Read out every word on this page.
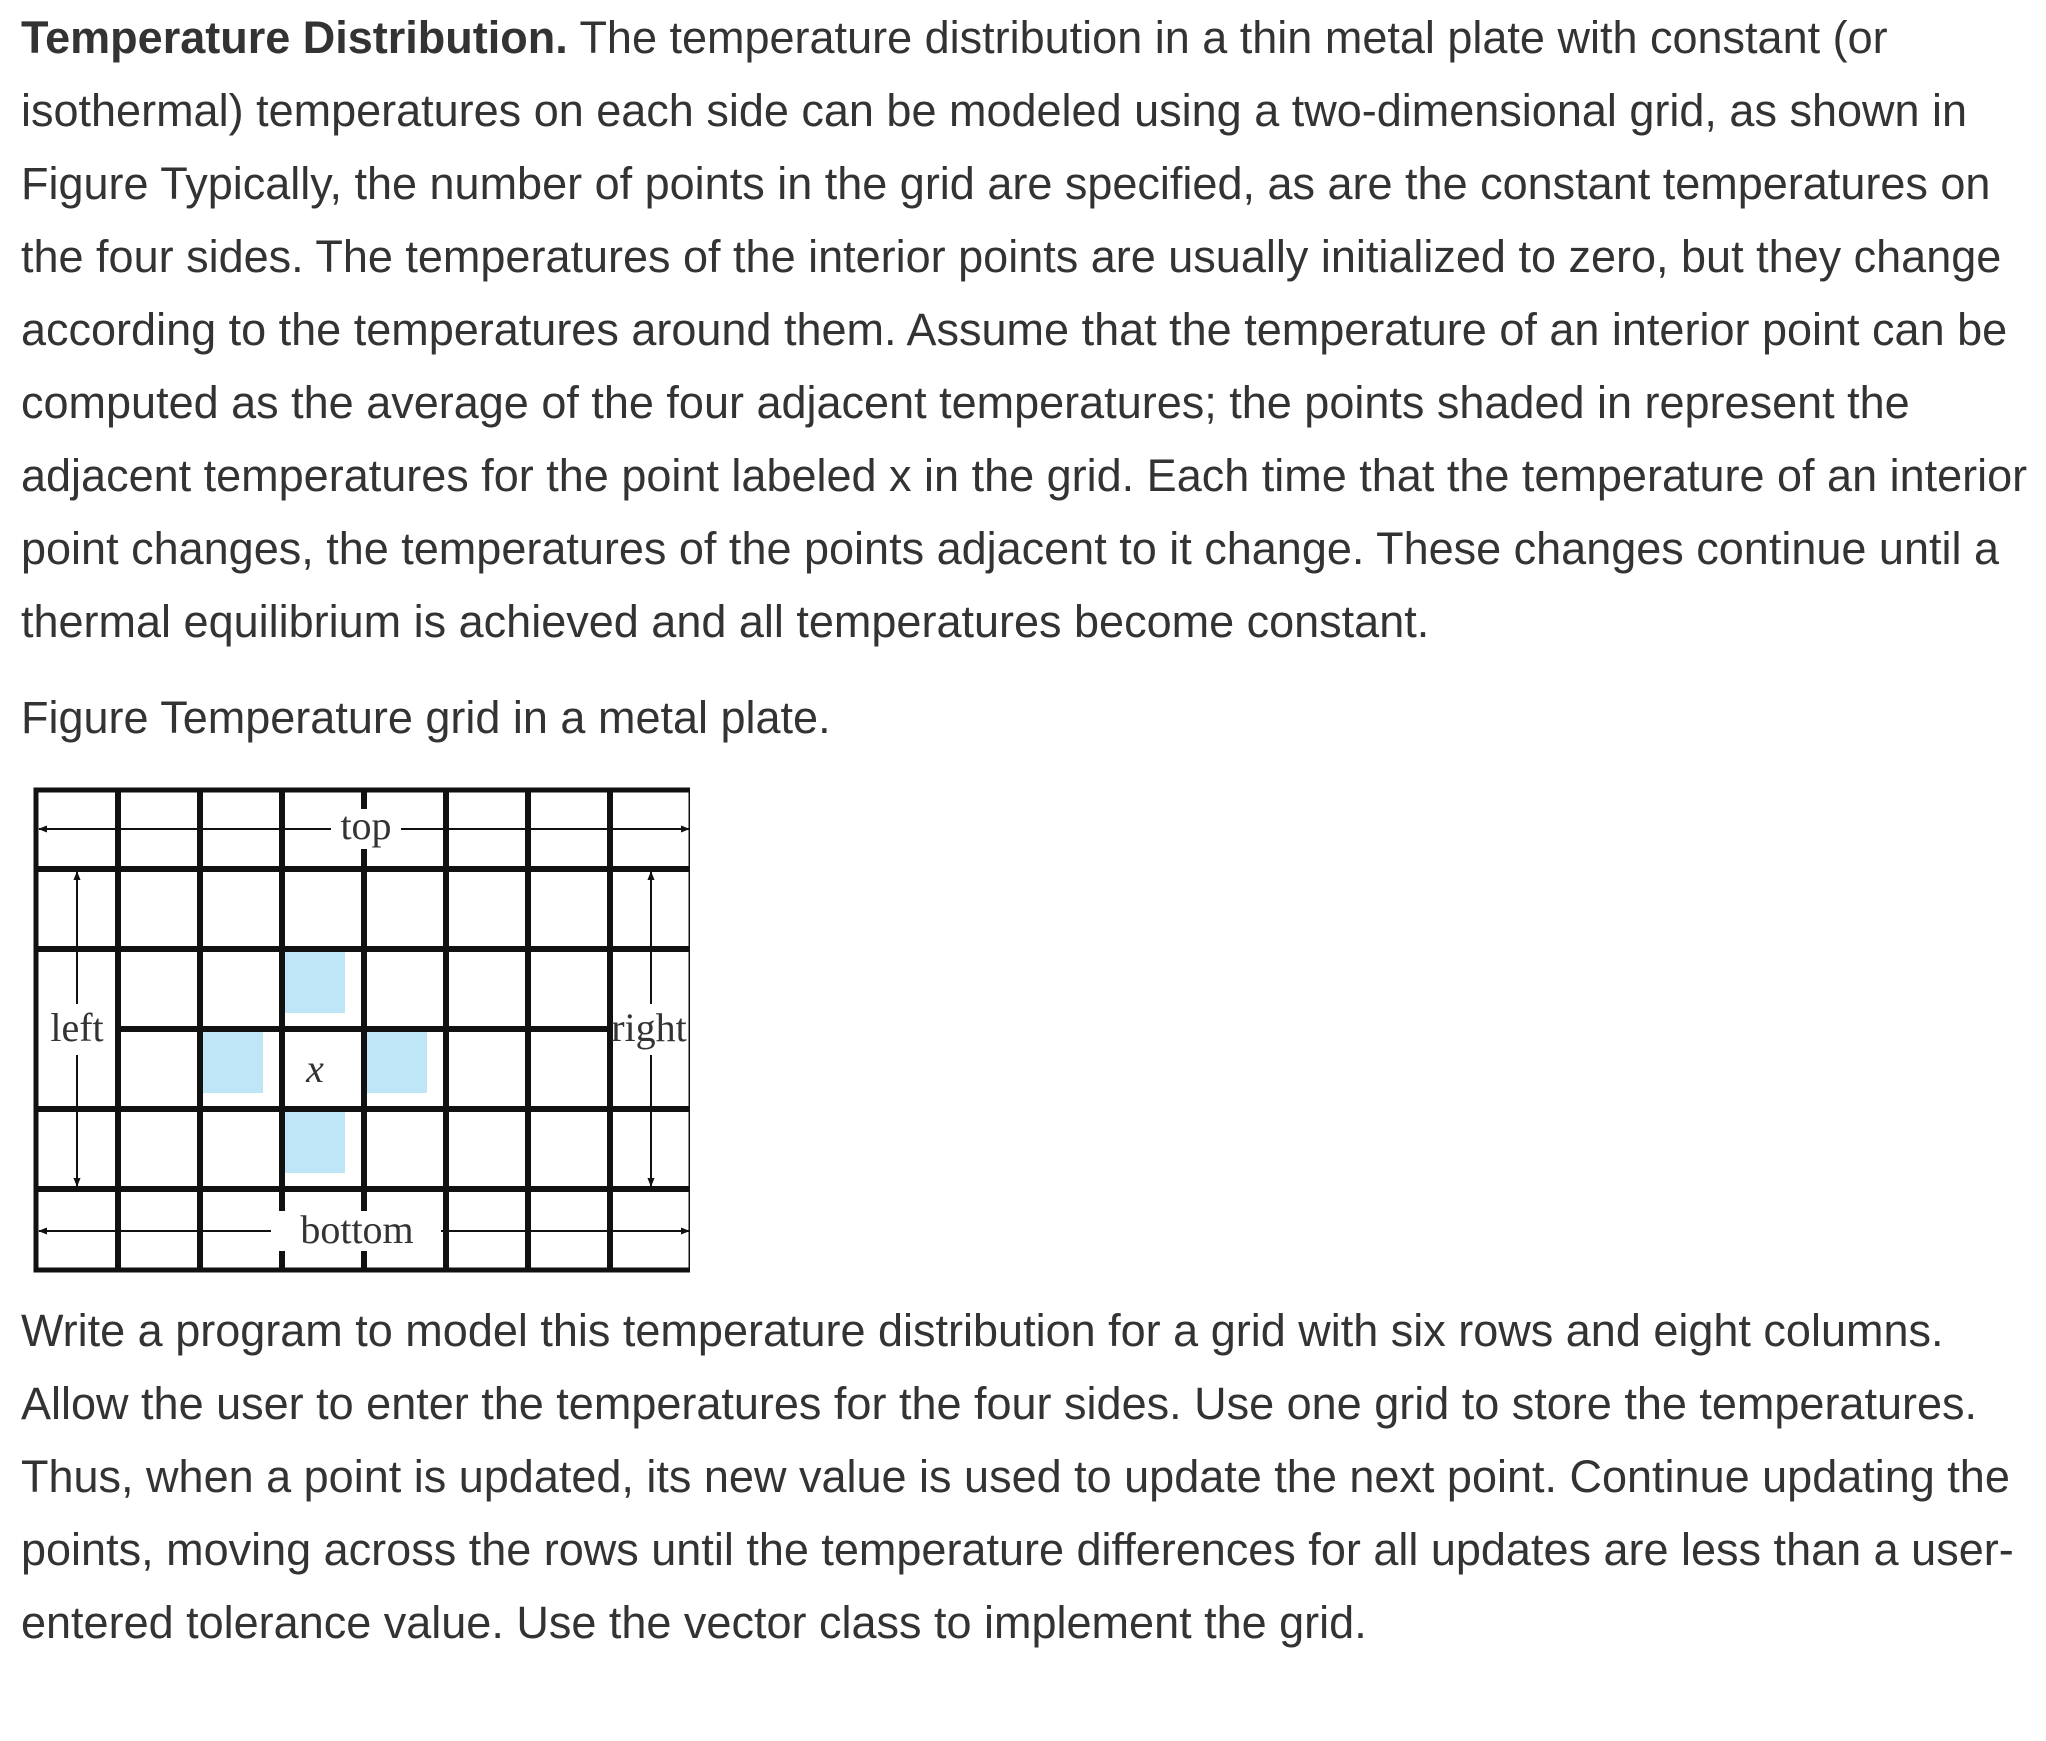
Temperature Distribution. The temperature distribution in a thin metal plate with constant (or isothermal) temperatures on each side can be modeled using a two-dimensional grid, as shown in Figure Typically, the number of points in the grid are specified, as are the constant temperatures on the four sides. The temperatures of the interior points are usually initialized to zero, but they change according to the temperatures around them. Assume that the temperature of an interior point can be computed as the average of the four adjacent temperatures; the points shaded in represent the adjacent temperatures for the point labeled x in the grid. Each time that the temperature of an interior point changes, the temperatures of the points adjacent to it change. These changes continue until a thermal equilibrium is achieved and all temperatures become constant.

Figure Temperature grid in a metal plate.

top
bottom
left	right
x

Write a program to model this temperature distribution for a grid with six rows and eight columns. Allow the user to enter the temperatures for the four sides. Use one grid to store the temperatures. Thus, when a point is updated, its new value is used to update the next point. Continue updating the points, moving across the rows until the temperature differences for all updates are less than a user-entered tolerance value. Use the vector class to implement the grid.
